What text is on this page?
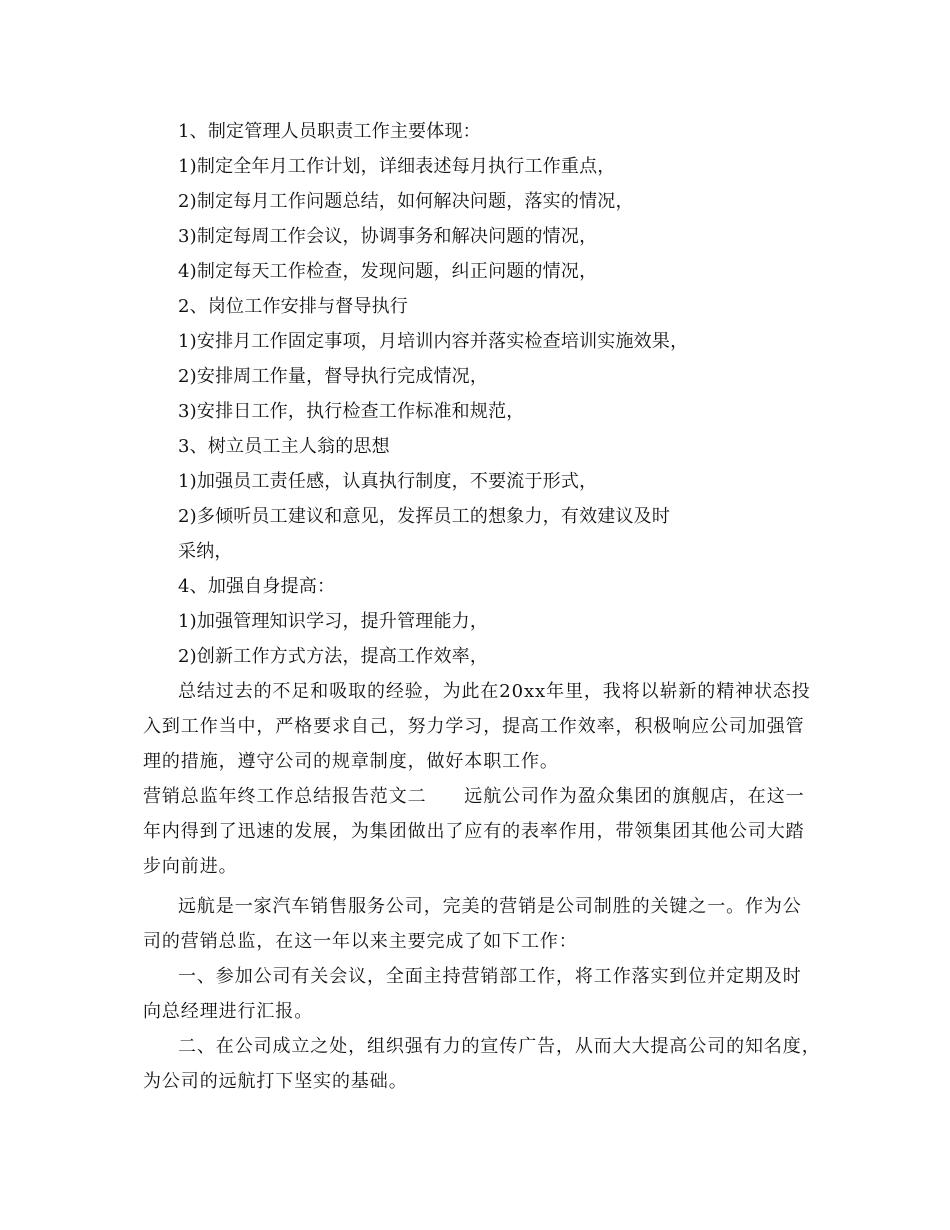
1、制定管理人员职责工作主要体现：
1)制定全年月工作计划，详细表述每月执行工作重点，
2)制定每月工作问题总结，如何解决问题，落实的情况，
3)制定每周工作会议，协调事务和解决问题的情况，
4)制定每天工作检查，发现问题，纠正问题的情况，
2、岗位工作安排与督导执行
1)安排月工作固定事项，月培训内容并落实检查培训实施效果，
2)安排周工作量，督导执行完成情况，
3)安排日工作，执行检查工作标准和规范，
3、树立员工主人翁的思想
1)加强员工责任感，认真执行制度，不要流于形式，
2)多倾听员工建议和意见，发挥员工的想象力，有效建议及时
采纳，
4、加强自身提高：
1)加强管理知识学习，提升管理能力，
2)创新工作方式方法，提高工作效率，
总结过去的不足和吸取的经验，为此在20xx年里，我将以崭新的精神状态投
入到工作当中，严格要求自己，努力学习，提高工作效率，积极响应公司加强管
理的措施，遵守公司的规章制度，做好本职工作。
营销总监年终工作总结报告范文二　　远航公司作为盈众集团的旗舰店，在这一
年内得到了迅速的发展，为集团做出了应有的表率作用，带领集团其他公司大踏
步向前进。
远航是一家汽车销售服务公司，完美的营销是公司制胜的关键之一。作为公
司的营销总监，在这一年以来主要完成了如下工作：
一、参加公司有关会议，全面主持营销部工作，将工作落实到位并定期及时
向总经理进行汇报。
二、在公司成立之处，组织强有力的宣传广告，从而大大提高公司的知名度，
为公司的远航打下坚实的基础。
